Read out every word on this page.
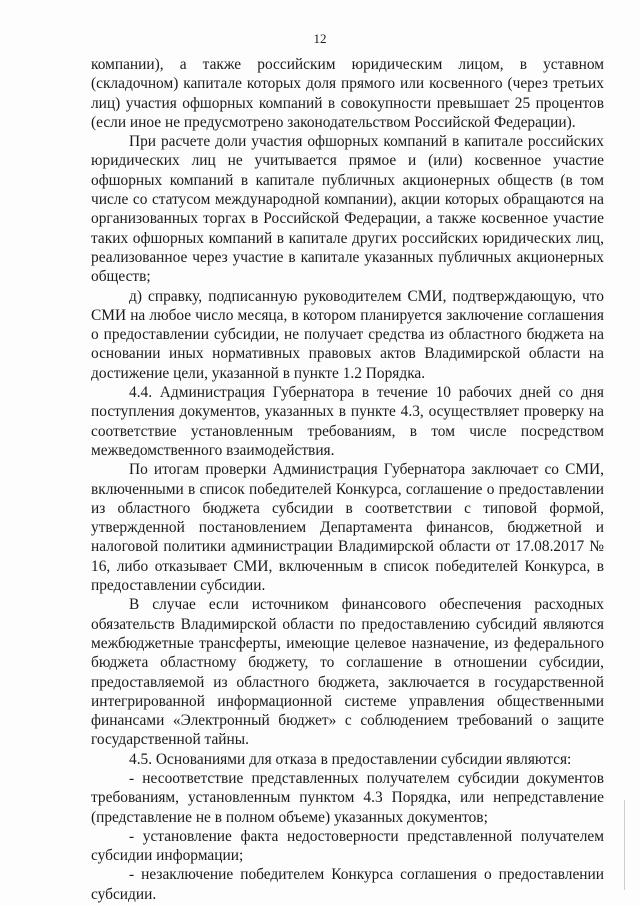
12

компании), а также российским юридическим лицом, в уставном (складочном) капитале которых доля прямого или косвенного (через третьих лиц) участия офшорных компаний в совокупности превышает 25 процентов (если иное не предусмотрено законодательством Российской Федерации).

При расчете доли участия офшорных компаний в капитале российских юридических лиц не учитывается прямое и (или) косвенное участие офшорных компаний в капитале публичных акционерных обществ (в том числе со статусом международной компании), акции которых обращаются на организованных торгах в Российской Федерации, а также косвенное участие таких офшорных компаний в капитале других российских юридических лиц, реализованное через участие в капитале указанных публичных акционерных обществ;

д) справку, подписанную руководителем СМИ, подтверждающую, что СМИ на любое число месяца, в котором планируется заключение соглашения о предоставлении субсидии, не получает средства из областного бюджета на основании иных нормативных правовых актов Владимирской области на достижение цели, указанной в пункте 1.2 Порядка.

4.4. Администрация Губернатора в течение 10 рабочих дней со дня поступления документов, указанных в пункте 4.3, осуществляет проверку на соответствие установленным требованиям, в том числе посредством межведомственного взаимодействия.

По итогам проверки Администрация Губернатора заключает со СМИ, включенными в список победителей Конкурса, соглашение о предоставлении из областного бюджета субсидии в соответствии с типовой формой, утвержденной постановлением Департамента финансов, бюджетной и налоговой политики администрации Владимирской области от 17.08.2017 № 16, либо отказывает СМИ, включенным в список победителей Конкурса, в предоставлении субсидии.

В случае если источником финансового обеспечения расходных обязательств Владимирской области по предоставлению субсидий являются межбюджетные трансферты, имеющие целевое назначение, из федерального бюджета областному бюджету, то соглашение в отношении субсидии, предоставляемой из областного бюджета, заключается в государственной интегрированной информационной системе управления общественными финансами «Электронный бюджет» с соблюдением требований о защите государственной тайны.

4.5. Основаниями для отказа в предоставлении субсидии являются:

- несоответствие представленных получателем субсидии документов требованиям, установленным пунктом 4.3 Порядка, или непредставление (представление не в полном объеме) указанных документов;

- установление факта недостоверности представленной получателем субсидии информации;

- незаключение победителем Конкурса соглашения о предоставлении субсидии.
